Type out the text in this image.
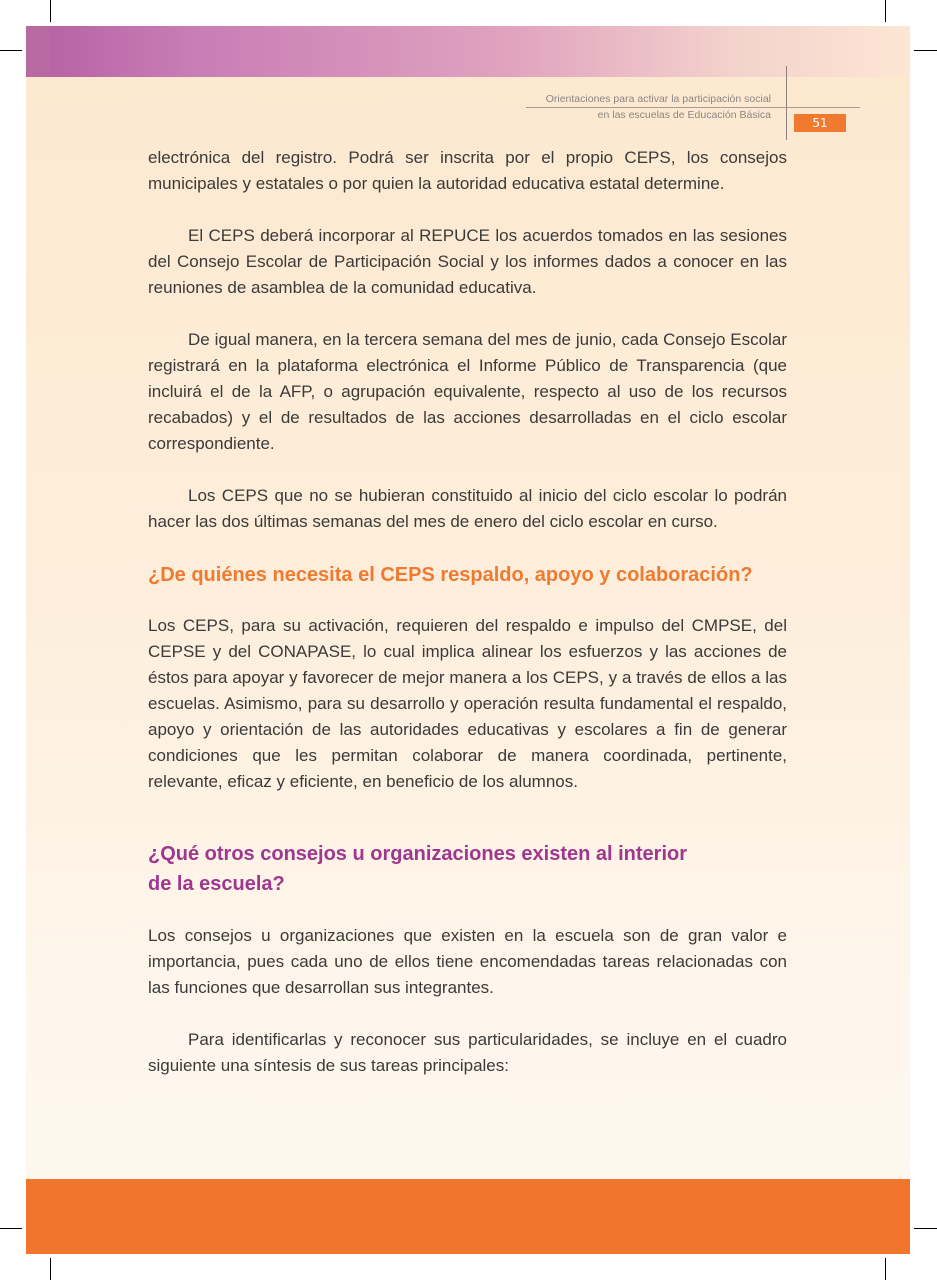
Orientaciones para activar la participación social
en las escuelas de Educación Básica
51

electrónica del registro. Podrá ser inscrita por el propio CEPS, los consejos municipales y estatales o por quien la autoridad educativa estatal determine.

El CEPS deberá incorporar al REPUCE los acuerdos tomados en las sesiones del Consejo Escolar de Participación Social y los informes dados a conocer en las reuniones de asamblea de la comunidad educativa.

De igual manera, en la tercera semana del mes de junio, cada Consejo Escolar registrará en la plataforma electrónica el Informe Público de Transparencia (que incluirá el de la AFP, o agrupación equivalente, respecto al uso de los recursos recabados) y el de resultados de las acciones desarrolladas en el ciclo escolar correspondiente.

Los CEPS que no se hubieran constituido al inicio del ciclo escolar lo podrán hacer las dos últimas semanas del mes de enero del ciclo escolar en curso.

¿De quiénes necesita el CEPS respaldo, apoyo y colaboración?

Los CEPS, para su activación, requieren del respaldo e impulso del CMPSE, del CEPSE y del CONAPASE, lo cual implica alinear los esfuerzos y las acciones de éstos para apoyar y favorecer de mejor manera a los CEPS, y a través de ellos a las escuelas. Asimismo, para su desarrollo y operación resulta fundamental el respaldo, apoyo y orientación de las autoridades educativas y escolares a fin de generar condiciones que les permitan colaborar de manera coordinada, pertinente, relevante, eficaz y eficiente, en beneficio de los alumnos.

¿Qué otros consejos u organizaciones existen al interior
de la escuela?

Los consejos u organizaciones que existen en la escuela son de gran valor e importancia, pues cada uno de ellos tiene encomendadas tareas relacionadas con las funciones que desarrollan sus integrantes.

Para identificarlas y reconocer sus particularidades, se incluye en el cuadro siguiente una síntesis de sus tareas principales:
